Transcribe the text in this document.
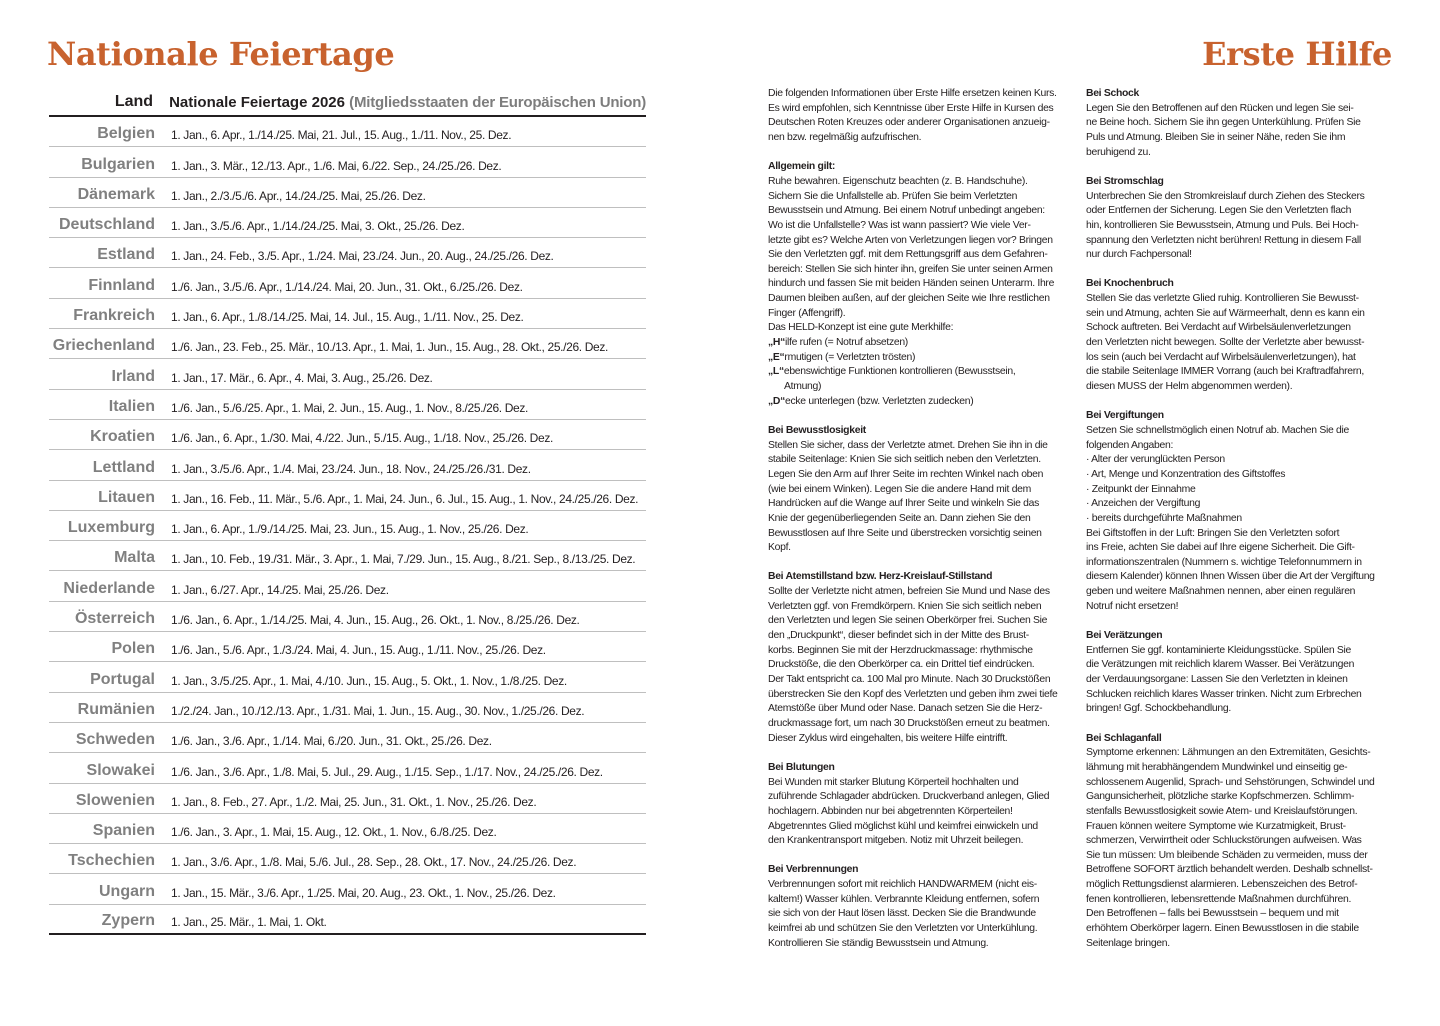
Nationale Feiertage
Land	Nationale Feiertage 2026 (Mitgliedsstaaten der Europäischen Union)
Belgien	1. Jan., 6. Apr., 1./14./25. Mai, 21. Jul., 15. Aug., 1./11. Nov., 25. Dez.
Bulgarien	1. Jan., 3. Mär., 12./13. Apr., 1./6. Mai, 6./22. Sep., 24./25./26. Dez.
Dänemark	1. Jan., 2./3./5./6. Apr., 14./24./25. Mai, 25./26. Dez.
Deutschland	1. Jan., 3./5./6. Apr., 1./14./24./25. Mai, 3. Okt., 25./26. Dez.
Estland	1. Jan., 24. Feb., 3./5. Apr., 1./24. Mai, 23./24. Jun., 20. Aug., 24./25./26. Dez.
Finnland	1./6. Jan., 3./5./6. Apr., 1./14./24. Mai, 20. Jun., 31. Okt., 6./25./26. Dez.
Frankreich	1. Jan., 6. Apr., 1./8./14./25. Mai, 14. Jul., 15. Aug., 1./11. Nov., 25. Dez.
Griechenland	1./6. Jan., 23. Feb., 25. Mär., 10./13. Apr., 1. Mai, 1. Jun., 15. Aug., 28. Okt., 25./26. Dez.
Irland	1. Jan., 17. Mär., 6. Apr., 4. Mai, 3. Aug., 25./26. Dez.
Italien	1./6. Jan., 5./6./25. Apr., 1. Mai, 2. Jun., 15. Aug., 1. Nov., 8./25./26. Dez.
Kroatien	1./6. Jan., 6. Apr., 1./30. Mai, 4./22. Jun., 5./15. Aug., 1./18. Nov., 25./26. Dez.
Lettland	1. Jan., 3./5./6. Apr., 1./4. Mai, 23./24. Jun., 18. Nov., 24./25./26./31. Dez.
Litauen	1. Jan., 16. Feb., 11. Mär., 5./6. Apr., 1. Mai, 24. Jun., 6. Jul., 15. Aug., 1. Nov., 24./25./26. Dez.
Luxemburg	1. Jan., 6. Apr., 1./9./14./25. Mai, 23. Jun., 15. Aug., 1. Nov., 25./26. Dez.
Malta	1. Jan., 10. Feb., 19./31. Mär., 3. Apr., 1. Mai, 7./29. Jun., 15. Aug., 8./21. Sep., 8./13./25. Dez.
Niederlande	1. Jan., 6./27. Apr., 14./25. Mai, 25./26. Dez.
Österreich	1./6. Jan., 6. Apr., 1./14./25. Mai, 4. Jun., 15. Aug., 26. Okt., 1. Nov., 8./25./26. Dez.
Polen	1./6. Jan., 5./6. Apr., 1./3./24. Mai, 4. Jun., 15. Aug., 1./11. Nov., 25./26. Dez.
Portugal	1. Jan., 3./5./25. Apr., 1. Mai, 4./10. Jun., 15. Aug., 5. Okt., 1. Nov., 1./8./25. Dez.
Rumänien	1./2./24. Jan., 10./12./13. Apr., 1./31. Mai, 1. Jun., 15. Aug., 30. Nov., 1./25./26. Dez.
Schweden	1./6. Jan., 3./6. Apr., 1./14. Mai, 6./20. Jun., 31. Okt., 25./26. Dez.
Slowakei	1./6. Jan., 3./6. Apr., 1./8. Mai, 5. Jul., 29. Aug., 1./15. Sep., 1./17. Nov., 24./25./26. Dez.
Slowenien	1. Jan., 8. Feb., 27. Apr., 1./2. Mai, 25. Jun., 31. Okt., 1. Nov., 25./26. Dez.
Spanien	1./6. Jan., 3. Apr., 1. Mai, 15. Aug., 12. Okt., 1. Nov., 6./8./25. Dez.
Tschechien	1. Jan., 3./6. Apr., 1./8. Mai, 5./6. Jul., 28. Sep., 28. Okt., 17. Nov., 24./25./26. Dez.
Ungarn	1. Jan., 15. Mär., 3./6. Apr., 1./25. Mai, 20. Aug., 23. Okt., 1. Nov., 25./26. Dez.
Zypern	1. Jan., 25. Mär., 1. Mai, 1. Okt.
Erste Hilfe
Die folgenden Informationen über Erste Hilfe ersetzen keinen Kurs.
Es wird empfohlen, sich Kenntnisse über Erste Hilfe in Kursen des
Deutschen Roten Kreuzes oder anderer Organisationen anzueig-
nen bzw. regelmäßig aufzufrischen.
Allgemein gilt:
Ruhe bewahren. Eigenschutz beachten (z. B. Handschuhe).
Sichern Sie die Unfallstelle ab. Prüfen Sie beim Verletzten
Bewusstsein und Atmung. Bei einem Notruf unbedingt angeben:
Wo ist die Unfallstelle? Was ist wann passiert? Wie viele Ver-
letzte gibt es? Welche Arten von Verletzungen liegen vor? Bringen
Sie den Verletzten ggf. mit dem Rettungsgriff aus dem Gefahren-
bereich: Stellen Sie sich hinter ihn, greifen Sie unter seinen Armen
hindurch und fassen Sie mit beiden Händen seinen Unterarm. Ihre
Daumen bleiben außen, auf der gleichen Seite wie Ihre restlichen
Finger (Affengriff).
Das HELD-Konzept ist eine gute Merkhilfe:
„H“ilfe rufen (= Notruf absetzen)
„E“rmutigen (= Verletzten trösten)
„L“ebenswichtige Funktionen kontrollieren (Bewusstsein,
Atmung)
„D“ecke unterlegen (bzw. Verletzten zudecken)
Bei Bewusstlosigkeit
Stellen Sie sicher, dass der Verletzte atmet. Drehen Sie ihn in die
stabile Seitenlage: Knien Sie sich seitlich neben den Verletzten.
Legen Sie den Arm auf Ihrer Seite im rechten Winkel nach oben
(wie bei einem Winken). Legen Sie die andere Hand mit dem
Handrücken auf die Wange auf Ihrer Seite und winkeln Sie das
Knie der gegenüberliegenden Seite an. Dann ziehen Sie den
Bewusstlosen auf Ihre Seite und überstrecken vorsichtig seinen
Kopf.
Bei Atemstillstand bzw. Herz-Kreislauf-Stillstand
Sollte der Verletzte nicht atmen, befreien Sie Mund und Nase des
Verletzten ggf. von Fremdkörpern. Knien Sie sich seitlich neben
den Verletzten und legen Sie seinen Oberkörper frei. Suchen Sie
den „Druckpunkt“, dieser befindet sich in der Mitte des Brust-
korbs. Beginnen Sie mit der Herzdruckmassage: rhythmische
Druckstöße, die den Oberkörper ca. ein Drittel tief eindrücken.
Der Takt entspricht ca. 100 Mal pro Minute. Nach 30 Druckstößen
überstrecken Sie den Kopf des Verletzten und geben ihm zwei tiefe
Atemstöße über Mund oder Nase. Danach setzen Sie die Herz-
druckmassage fort, um nach 30 Druckstößen erneut zu beatmen.
Dieser Zyklus wird eingehalten, bis weitere Hilfe eintrifft.
Bei Blutungen
Bei Wunden mit starker Blutung Körperteil hochhalten und
zuführende Schlagader abdrücken. Druckverband anlegen, Glied
hochlagern. Abbinden nur bei abgetrennten Körperteilen!
Abgetrenntes Glied möglichst kühl und keimfrei einwickeln und
den Krankentransport mitgeben. Notiz mit Uhrzeit beilegen.
Bei Verbrennungen
Verbrennungen sofort mit reichlich HANDWARMEM (nicht eis-
kaltem!) Wasser kühlen. Verbrannte Kleidung entfernen, sofern
sie sich von der Haut lösen lässt. Decken Sie die Brandwunde
keimfrei ab und schützen Sie den Verletzten vor Unterkühlung.
Kontrollieren Sie ständig Bewusstsein und Atmung.
Bei Schock
Legen Sie den Betroffenen auf den Rücken und legen Sie sei-
ne Beine hoch. Sichern Sie ihn gegen Unterkühlung. Prüfen Sie
Puls und Atmung. Bleiben Sie in seiner Nähe, reden Sie ihm
beruhigend zu.
Bei Stromschlag
Unterbrechen Sie den Stromkreislauf durch Ziehen des Steckers
oder Entfernen der Sicherung. Legen Sie den Verletzten flach
hin, kontrollieren Sie Bewusstsein, Atmung und Puls. Bei Hoch-
spannung den Verletzten nicht berühren! Rettung in diesem Fall
nur durch Fachpersonal!
Bei Knochenbruch
Stellen Sie das verletzte Glied ruhig. Kontrollieren Sie Bewusst-
sein und Atmung, achten Sie auf Wärmeerhalt, denn es kann ein
Schock auftreten. Bei Verdacht auf Wirbelsäulenverletzungen
den Verletzten nicht bewegen. Sollte der Verletzte aber bewusst-
los sein (auch bei Verdacht auf Wirbelsäulenverletzungen), hat
die stabile Seitenlage IMMER Vorrang (auch bei Kraftradfahrern,
diesen MUSS der Helm abgenommen werden).
Bei Vergiftungen
Setzen Sie schnellstmöglich einen Notruf ab. Machen Sie die
folgenden Angaben:
· Alter der verunglückten Person
· Art, Menge und Konzentration des Giftstoffes
· Zeitpunkt der Einnahme
· Anzeichen der Vergiftung
· bereits durchgeführte Maßnahmen
Bei Giftstoffen in der Luft: Bringen Sie den Verletzten sofort
ins Freie, achten Sie dabei auf Ihre eigene Sicherheit. Die Gift-
informationszentralen (Nummern s. wichtige Telefonnummern in
diesem Kalender) können Ihnen Wissen über die Art der Vergiftung
geben und weitere Maßnahmen nennen, aber einen regulären
Notruf nicht ersetzen!
Bei Verätzungen
Entfernen Sie ggf. kontaminierte Kleidungsstücke. Spülen Sie
die Verätzungen mit reichlich klarem Wasser. Bei Verätzungen
der Verdauungsorgane: Lassen Sie den Verletzten in kleinen
Schlucken reichlich klares Wasser trinken. Nicht zum Erbrechen
bringen! Ggf. Schockbehandlung.
Bei Schlaganfall
Symptome erkennen: Lähmungen an den Extremitäten, Gesichts-
lähmung mit herabhängendem Mundwinkel und einseitig ge-
schlossenem Augenlid, Sprach- und Sehstörungen, Schwindel und
Gangunsicherheit, plötzliche starke Kopfschmerzen. Schlimm-
stenfalls Bewusstlosigkeit sowie Atem- und Kreislaufstörungen.
Frauen können weitere Symptome wie Kurzatmigkeit, Brust-
schmerzen, Verwirrtheit oder Schluckstörungen aufweisen. Was
Sie tun müssen: Um bleibende Schäden zu vermeiden, muss der
Betroffene SOFORT ärztlich behandelt werden. Deshalb schnellst-
möglich Rettungsdienst alarmieren. Lebenszeichen des Betrof-
fenen kontrollieren, lebensrettende Maßnahmen durchführen.
Den Betroffenen – falls bei Bewusstsein – bequem und mit
erhöhtem Oberkörper lagern. Einen Bewusstlosen in die stabile
Seitenlage bringen.
